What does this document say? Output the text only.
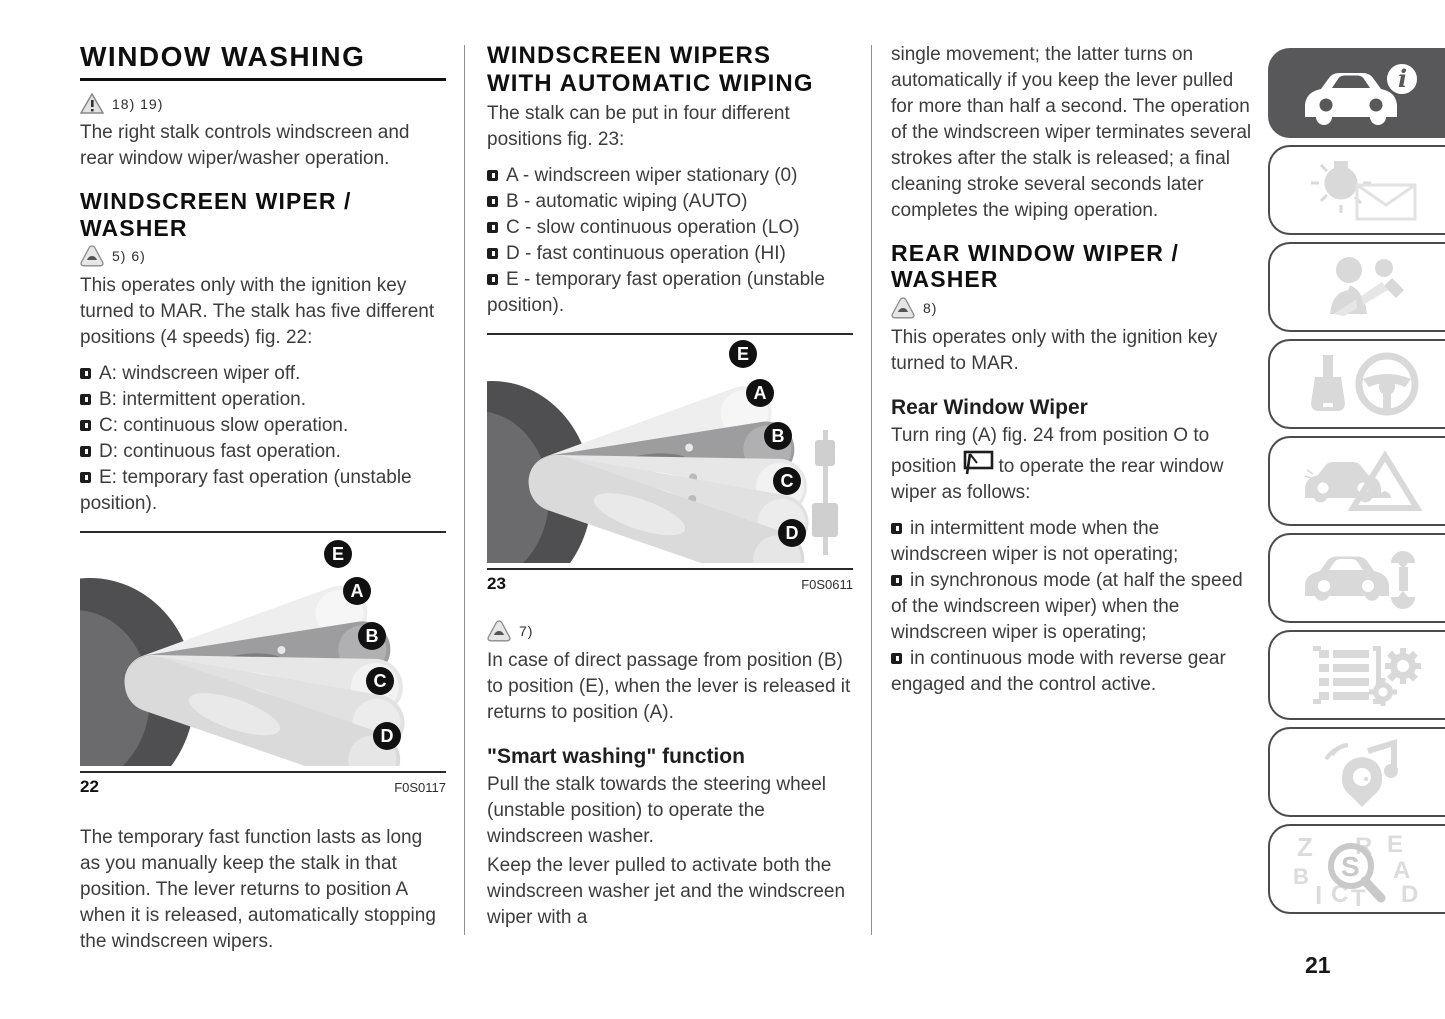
WINDOW WASHING
18) 19)

The right stalk controls windscreen and rear window wiper/washer operation.

WINDSCREEN WIPER / WASHER
5) 6)

This operates only with the ignition key turned to MAR. The stalk has five different positions (4 speeds) fig. 22:

A: windscreen wiper off.
B: intermittent operation.
C: continuous slow operation.
D: continuous fast operation.
E: temporary fast operation (unstable position).
E
A
B
C
D
22	F0S0117

The temporary fast function lasts as long as you manually keep the stalk in that position. The lever returns to position A when it is released, automatically stopping the windscreen wipers.

WINDSCREEN WIPERS WITH AUTOMATIC WIPING

The stalk can be put in four different positions fig. 23:

A - windscreen wiper stationary (0)
B - automatic wiping (AUTO)
C - slow continuous operation (LO)
D - fast continuous operation (HI)
E - temporary fast operation (unstable position).
E
A
B
C
D
23	F0S0611
7)

In case of direct passage from position (B) to position (E), when the lever is released it returns to position (A).

"Smart washing" function

Pull the stalk towards the steering wheel (unstable position) to operate the windscreen washer.

Keep the lever pulled to activate both the windscreen washer jet and the windscreen wiper with a

single movement; the latter turns on automatically if you keep the lever pulled for more than half a second. The operation of the windscreen wiper terminates several strokes after the stalk is released; a final cleaning stroke several seconds later completes the wiping operation.

REAR WINDOW WIPER / WASHER
8)

This operates only with the ignition key turned to MAR.

Rear Window Wiper

Turn ring (A) fig. 24 from position O to position to operate the rear window wiper as follows:

in intermittent mode when the windscreen wiper is not operating;
in synchronous mode (at half the speed of the windscreen wiper) when the windscreen wiper is operating;
in continuous mode with reverse gear engaged and the control active.
i
Z	E
B	A
I C T D
R
S
21
